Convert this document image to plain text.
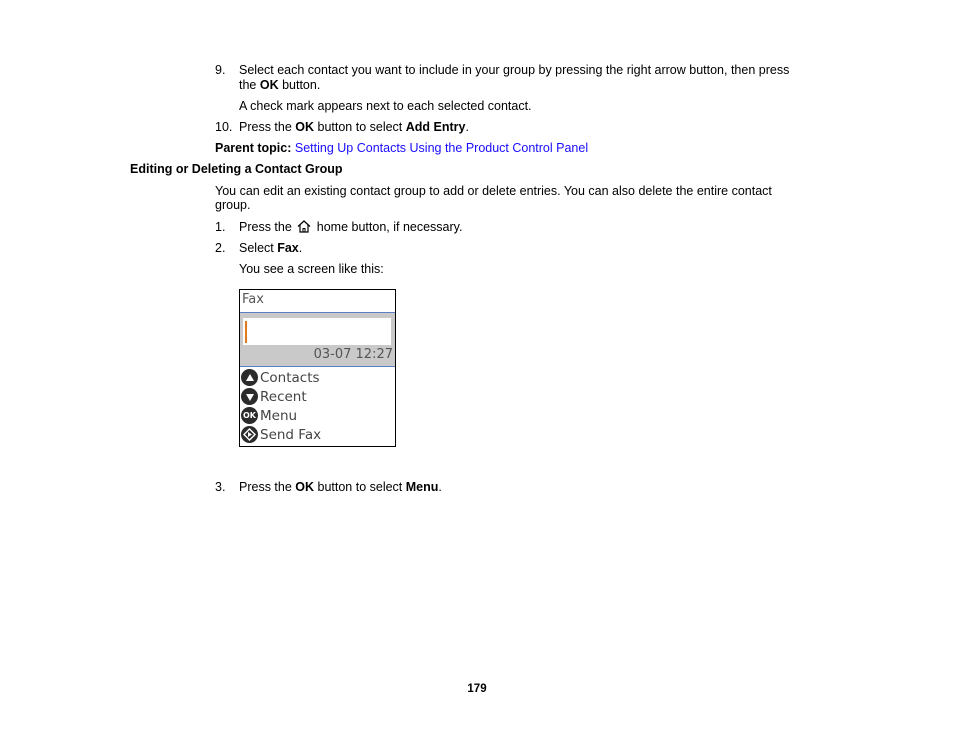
9. Select each contact you want to include in your group by pressing the right arrow button, then press
the OK button.
A check mark appears next to each selected contact.
10. Press the OK button to select Add Entry.
Parent topic: Setting Up Contacts Using the Product Control Panel
Editing or Deleting a Contact Group
You can edit an existing contact group to add or delete entries. You can also delete the entire contact
group.
1. Press the home button, if necessary.
2. Select Fax.
You see a screen like this:
Fax
03-07 12:27
Contacts
Recent
OK Menu
Send Fax
3. Press the OK button to select Menu.
179
